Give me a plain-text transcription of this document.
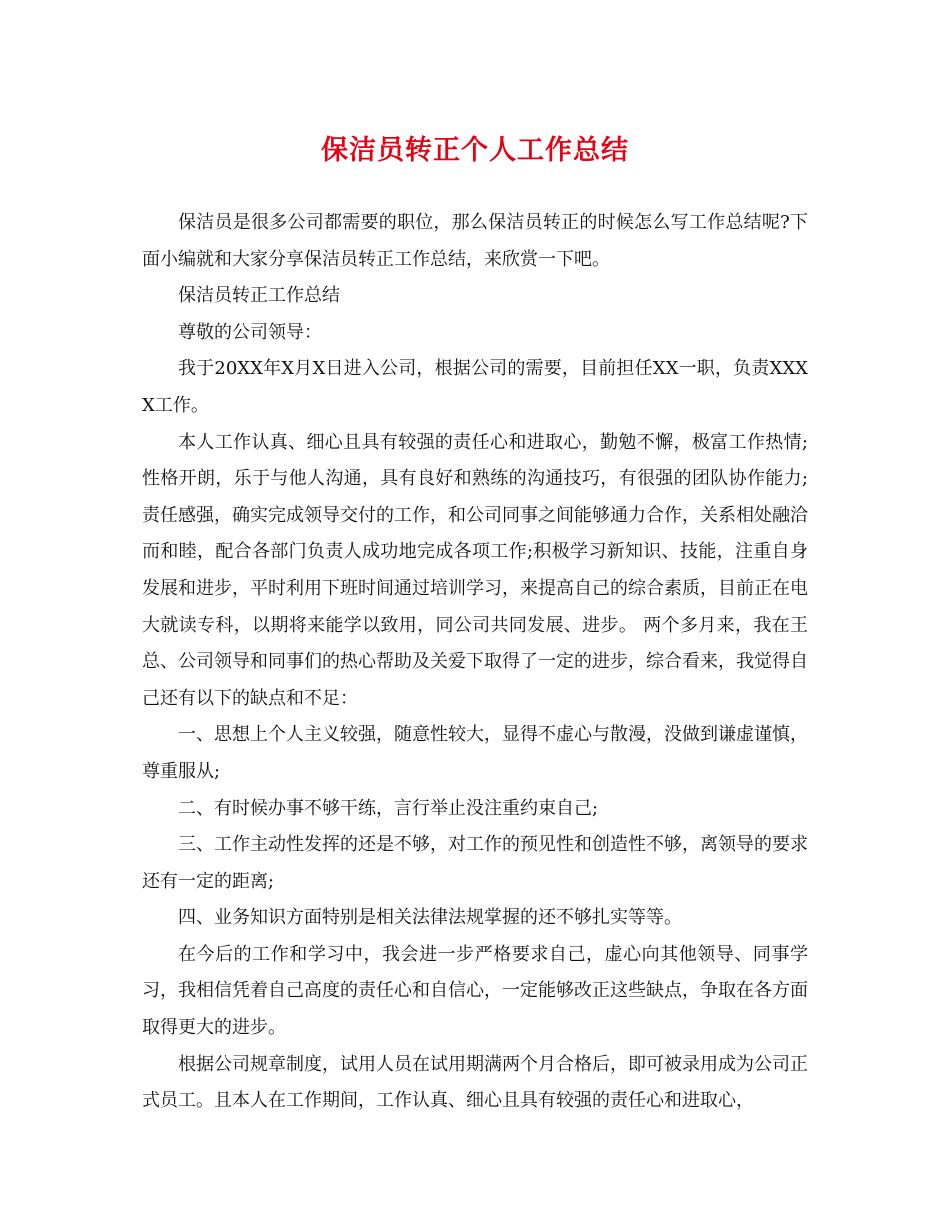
保洁员转正个人工作总结

保洁员是很多公司都需要的职位，那么保洁员转正的时候怎么写工作总结呢?下面小编就和大家分享保洁员转正工作总结，来欣赏一下吧。

保洁员转正工作总结

尊敬的公司领导：

我于20XX年X月X日进入公司，根据公司的需要，目前担任XX一职，负责XXXX工作。

本人工作认真、细心且具有较强的责任心和进取心，勤勉不懈，极富工作热情;性格开朗，乐于与他人沟通，具有良好和熟练的沟通技巧，有很强的团队协作能力;责任感强，确实完成领导交付的工作，和公司同事之间能够通力合作，关系相处融洽而和睦，配合各部门负责人成功地完成各项工作;积极学习新知识、技能，注重自身发展和进步，平时利用下班时间通过培训学习，来提高自己的综合素质，目前正在电大就读专科，以期将来能学以致用，同公司共同发展、进步。 两个多月来，我在王总、公司领导和同事们的热心帮助及关爱下取得了一定的进步，综合看来，我觉得自己还有以下的缺点和不足：

一、思想上个人主义较强，随意性较大，显得不虚心与散漫，没做到谦虚谨慎，尊重服从;

二、有时候办事不够干练，言行举止没注重约束自己;

三、工作主动性发挥的还是不够，对工作的预见性和创造性不够，离领导的要求还有一定的距离;

四、业务知识方面特别是相关法律法规掌握的还不够扎实等等。

在今后的工作和学习中，我会进一步严格要求自己，虚心向其他领导、同事学习，我相信凭着自己高度的责任心和自信心，一定能够改正这些缺点，争取在各方面取得更大的进步。

根据公司规章制度，试用人员在试用期满两个月合格后，即可被录用成为公司正式员工。且本人在工作期间，工作认真、细心且具有较强的责任心和进取心，
